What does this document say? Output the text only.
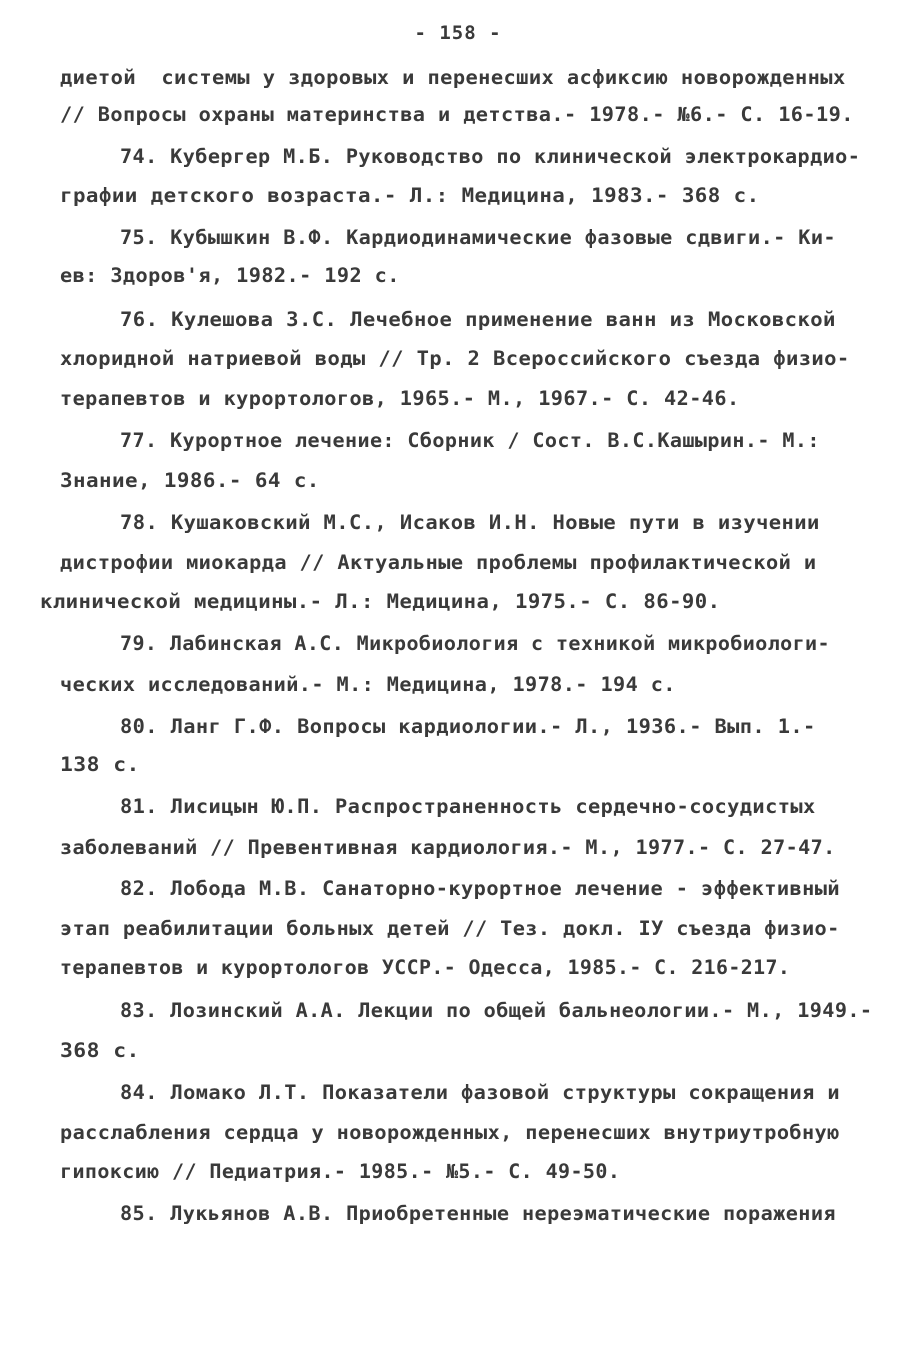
- 158 -
диетой  системы у здоровых и перенесших асфиксию новорожденных
// Вопросы охраны материнства и детства.- 1978.- №6.- С. 16-19.
74. Кубергер М.Б. Руководство по клинической электрокардио-
графии детского возраста.- Л.: Медицина, 1983.- 368 с.
75. Кубышкин В.Ф. Кардиодинамические фазовые сдвиги.- Ки-
ев: Здоров'я, 1982.- 192 с.
76. Кулешова З.С. Лечебное применение ванн из Московской
хлоридной натриевой воды // Тр. 2 Всероссийского съезда физио-
терапевтов и курортологов, 1965.- М., 1967.- С. 42-46.
77. Курортное лечение: Сборник / Сост. В.С.Кашырин.- М.:
Знание, 1986.- 64 с.
78. Кушаковский М.С., Исаков И.Н. Новые пути в изучении
дистрофии миокарда // Актуальные проблемы профилактической и
клинической медицины.- Л.: Медицина, 1975.- С. 86-90.
79. Лабинская А.С. Микробиология с техникой микробиологи-
ческих исследований.- М.: Медицина, 1978.- 194 с.
80. Ланг Г.Ф. Вопросы кардиологии.- Л., 1936.- Вып. 1.-
138 с.
81. Лисицын Ю.П. Распространенность сердечно-сосудистых
заболеваний // Превентивная кардиология.- М., 1977.- С. 27-47.
82. Лобода М.В. Санаторно-курортное лечение - эффективный
этап реабилитации больных детей // Тез. докл. IУ съезда физио-
терапевтов и курортологов УССР.- Одесса, 1985.- С. 216-217.
83. Лозинский А.А. Лекции по общей бальнеологии.- М., 1949.-
368 с.
84. Ломако Л.Т. Показатели фазовой структуры сокращения и
расслабления сердца у новорожденных, перенесших внутриутробную
гипоксию // Педиатрия.- 1985.- №5.- С. 49-50.
85. Лукьянов А.В. Приобретенные нереэматические поражения
